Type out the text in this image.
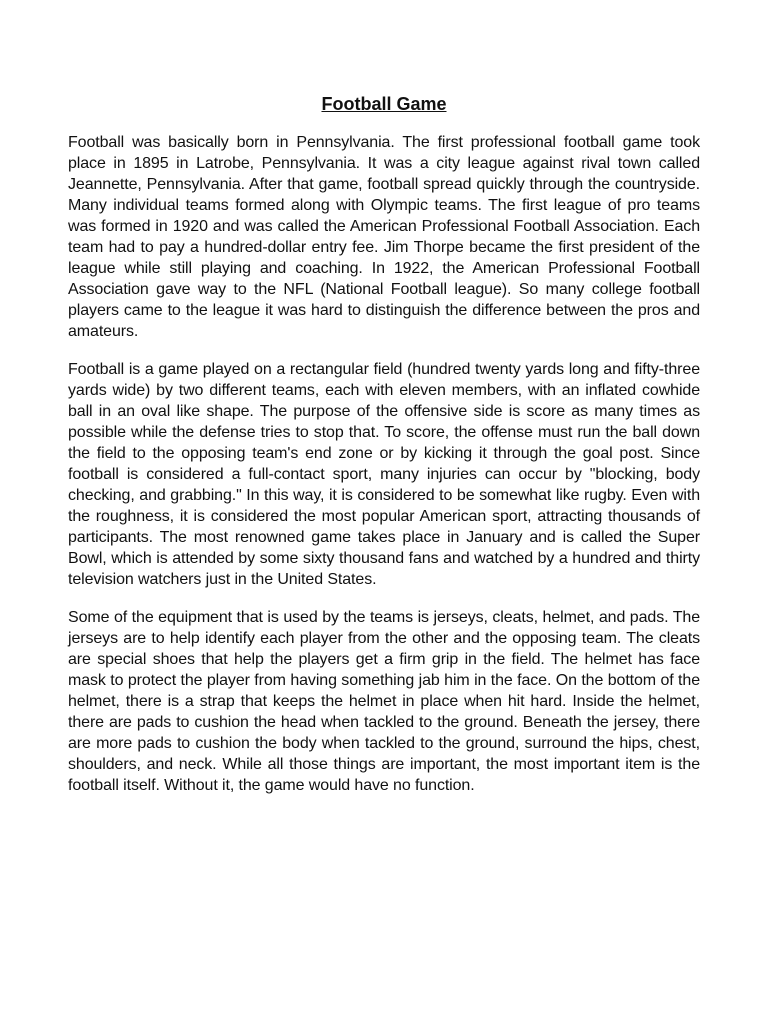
Football Game

Football was basically born in Pennsylvania. The first professional football game took place in 1895 in Latrobe, Pennsylvania. It was a city league against rival town called Jeannette, Pennsylvania. After that game, football spread quickly through the countryside. Many individual teams formed along with Olympic teams. The first league of pro teams was formed in 1920 and was called the American Professional Football Association. Each team had to pay a hundred-dollar entry fee. Jim Thorpe became the first president of the league while still playing and coaching. In 1922, the American Professional Football Association gave way to the NFL (National Football league). So many college football players came to the league it was hard to distinguish the difference between the pros and amateurs.

Football is a game played on a rectangular field (hundred twenty yards long and fifty-three yards wide) by two different teams, each with eleven members, with an inflated cowhide ball in an oval like shape. The purpose of the offensive side is score as many times as possible while the defense tries to stop that. To score, the offense must run the ball down the field to the opposing team's end zone or by kicking it through the goal post. Since football is considered a full-contact sport, many injuries can occur by "blocking, body checking, and grabbing." In this way, it is considered to be somewhat like rugby. Even with the roughness, it is considered the most popular American sport, attracting thousands of participants. The most renowned game takes place in January and is called the Super Bowl, which is attended by some sixty thousand fans and watched by a hundred and thirty television watchers just in the United States.

Some of the equipment that is used by the teams is jerseys, cleats, helmet, and pads. The jerseys are to help identify each player from the other and the opposing team. The cleats are special shoes that help the players get a firm grip in the field. The helmet has face mask to protect the player from having something jab him in the face. On the bottom of the helmet, there is a strap that keeps the helmet in place when hit hard. Inside the helmet, there are pads to cushion the head when tackled to the ground. Beneath the jersey, there are more pads to cushion the body when tackled to the ground, surround the hips, chest, shoulders, and neck. While all those things are important, the most important item is the football itself. Without it, the game would have no function.
